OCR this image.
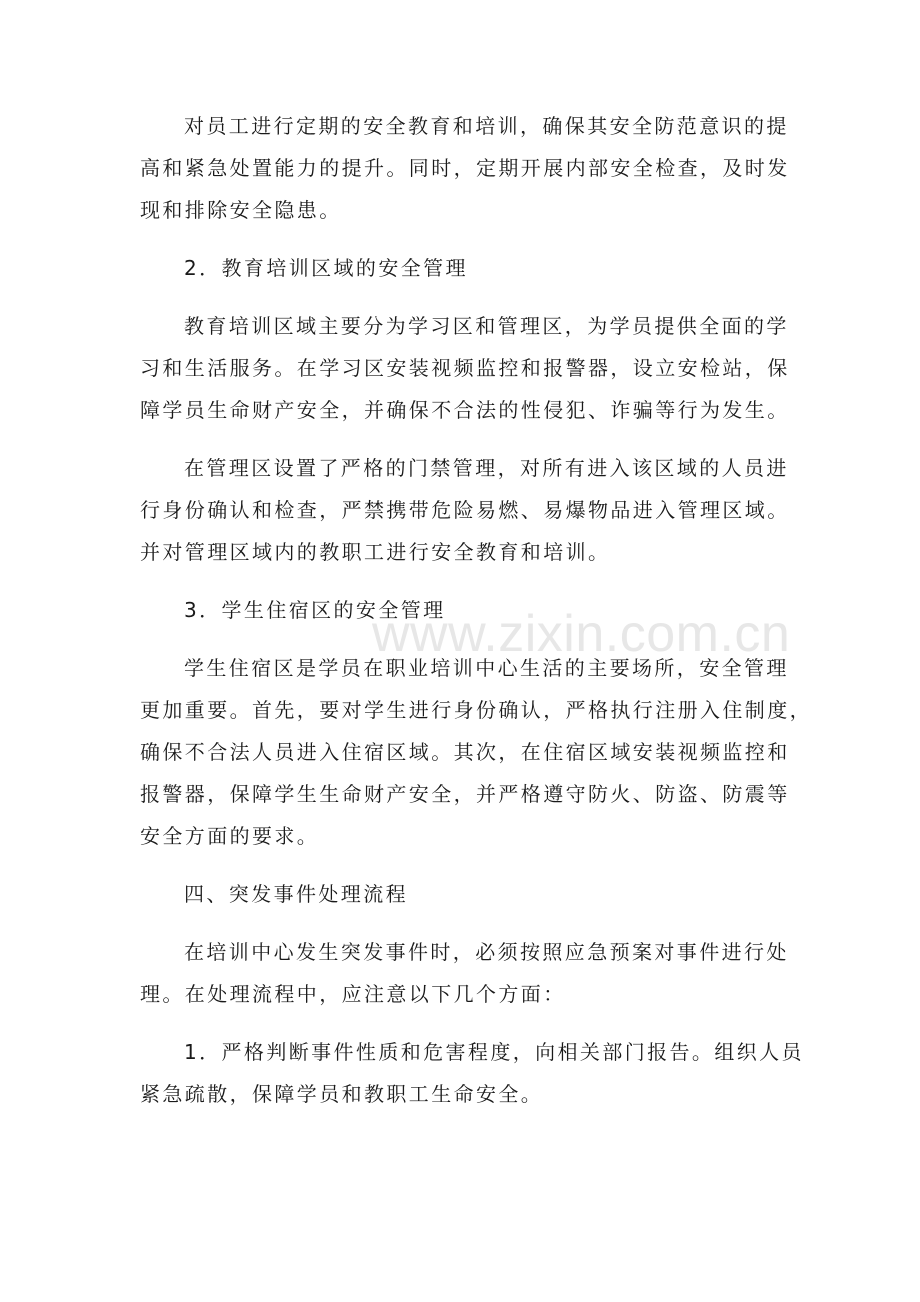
www.zixin.com.cn

对员工进行定期的安全教育和培训，确保其安全防范意识的提

高和紧急处置能力的提升。同时，定期开展内部安全检查，及时发

现和排除安全隐患。

2．教育培训区域的安全管理

教育培训区域主要分为学习区和管理区，为学员提供全面的学

习和生活服务。在学习区安装视频监控和报警器，设立安检站，保

障学员生命财产安全，并确保不合法的性侵犯、诈骗等行为发生。

在管理区设置了严格的门禁管理，对所有进入该区域的人员进

行身份确认和检查，严禁携带危险易燃、易爆物品进入管理区域。

并对管理区域内的教职工进行安全教育和培训。

3．学生住宿区的安全管理

学生住宿区是学员在职业培训中心生活的主要场所，安全管理

更加重要。首先，要对学生进行身份确认，严格执行注册入住制度，

确保不合法人员进入住宿区域。其次，在住宿区域安装视频监控和

报警器，保障学生生命财产安全，并严格遵守防火、防盗、防震等

安全方面的要求。

四、突发事件处理流程

在培训中心发生突发事件时，必须按照应急预案对事件进行处

理。在处理流程中，应注意以下几个方面：

1．严格判断事件性质和危害程度，向相关部门报告。组织人员

紧急疏散，保障学员和教职工生命安全。
